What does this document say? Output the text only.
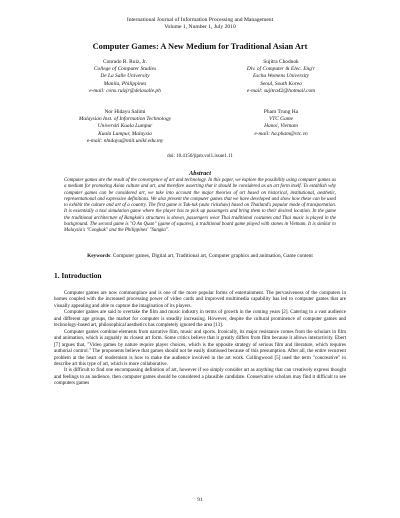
International Journal of Information Processing and Management
Volume 1, Number 1, July 2010
Computer Games: A New Medium for Traditional Asian Art
Conrado R. Ruiz, Jr.
College of Computer Studies
De La Salle University
Manila, Philippines
e-mail: conx.ruizjr@delasalle.ph
Sujitra Chodnok
Div. of Computer & Elec. Eng'r
Eschu Womens University
Seoul, South Korea
e-mail: sujitra42@hotmail.com
Nor Hidayu Salimi
Malaysian Inst. of Information Technology
Universiti Kuala Lumpur
Kuala Lumpur, Malaysia
e-mail: nhidayu@miit.unikl.edu.my
Pham Trung Ha
VTC Game
Hanoi, Vietnam
e-mail: ha.pham@vtc.vn
doi: 10.4156/jipm.vol1.issue1.11
Abstract
Computer games are the result of the convergence of art and technology. In this paper, we explore the possibility using computer games as a medium for promoting Asian culture and art, and therefore asserting that it should be considered as an art form itself. To establish why computer games can be considered art, we take into account the major theories of art based on historical, institutional, aesthetic, representational and expressive definitions. We also present the computer games that we have developed and show how these can be used to exhibit the culture and art of a country. The first game is Tuk-tuk (auto rickshaw) based on Thailand's popular mode of transportation. It is essentially a taxi simulation game where the player has to pick up passengers and bring them to their desired location. In the game the traditional architecture of Bangkok's structures is shown, passengers wear Thai traditional costumes and Thai music is played in the background. The second game is "O An Quan" (game of squares), a traditional board game played with stones in Vietnam. It is similar to Malaysia's "Congkak" and the Philippines' "Sungka".
Keywords: Computer games, Digital art, Traditional art, Computer graphics and animation, Game content
1. Introduction

Computer games are now commonplace and is one of the more popular forms of entertainment. The pervasiveness of the computers in homes coupled with the increased processing power of video cards and improved multimedia capability has led to computer games that are visually appealing and able to capture the imagination of its players.

Computer games are said to overtake the film and music industry in terms of growth in the coming years [2]. Catering to a vast audience and different age groups, the market for computer is steadily increasing. However, despite the cultural prominence of computer games and technology-based art, philosophical aesthetics has completely ignored the area [13].

Computer games combine elements from narrative film, music and sports. Ironically, its major resistance comes from the scholars in film and animation, which is arguably its closest art form. Some critics believe that it greatly differs from film because it allows interactivity. Ebert [7] argues that, "Video games by nature require player choices, which is the opposite strategy of serious film and literature, which requires authorial control." The proponents believe that games should not be easily dismissed because of this presumption. After all, the entire recurrent problem at the heart of modernism is how to make the audience involved in the art work. Collingwood [5] used the term "concreative" to describe art this type of art, which is more collaborative.

It is difficult to find one encompassing definition of art, however if we simply consider art as anything that can creatively express thought and feelings to an audience, then computer games should be considered a plausible candidate. Conservative scholars may find it difficult to see computers games

91
